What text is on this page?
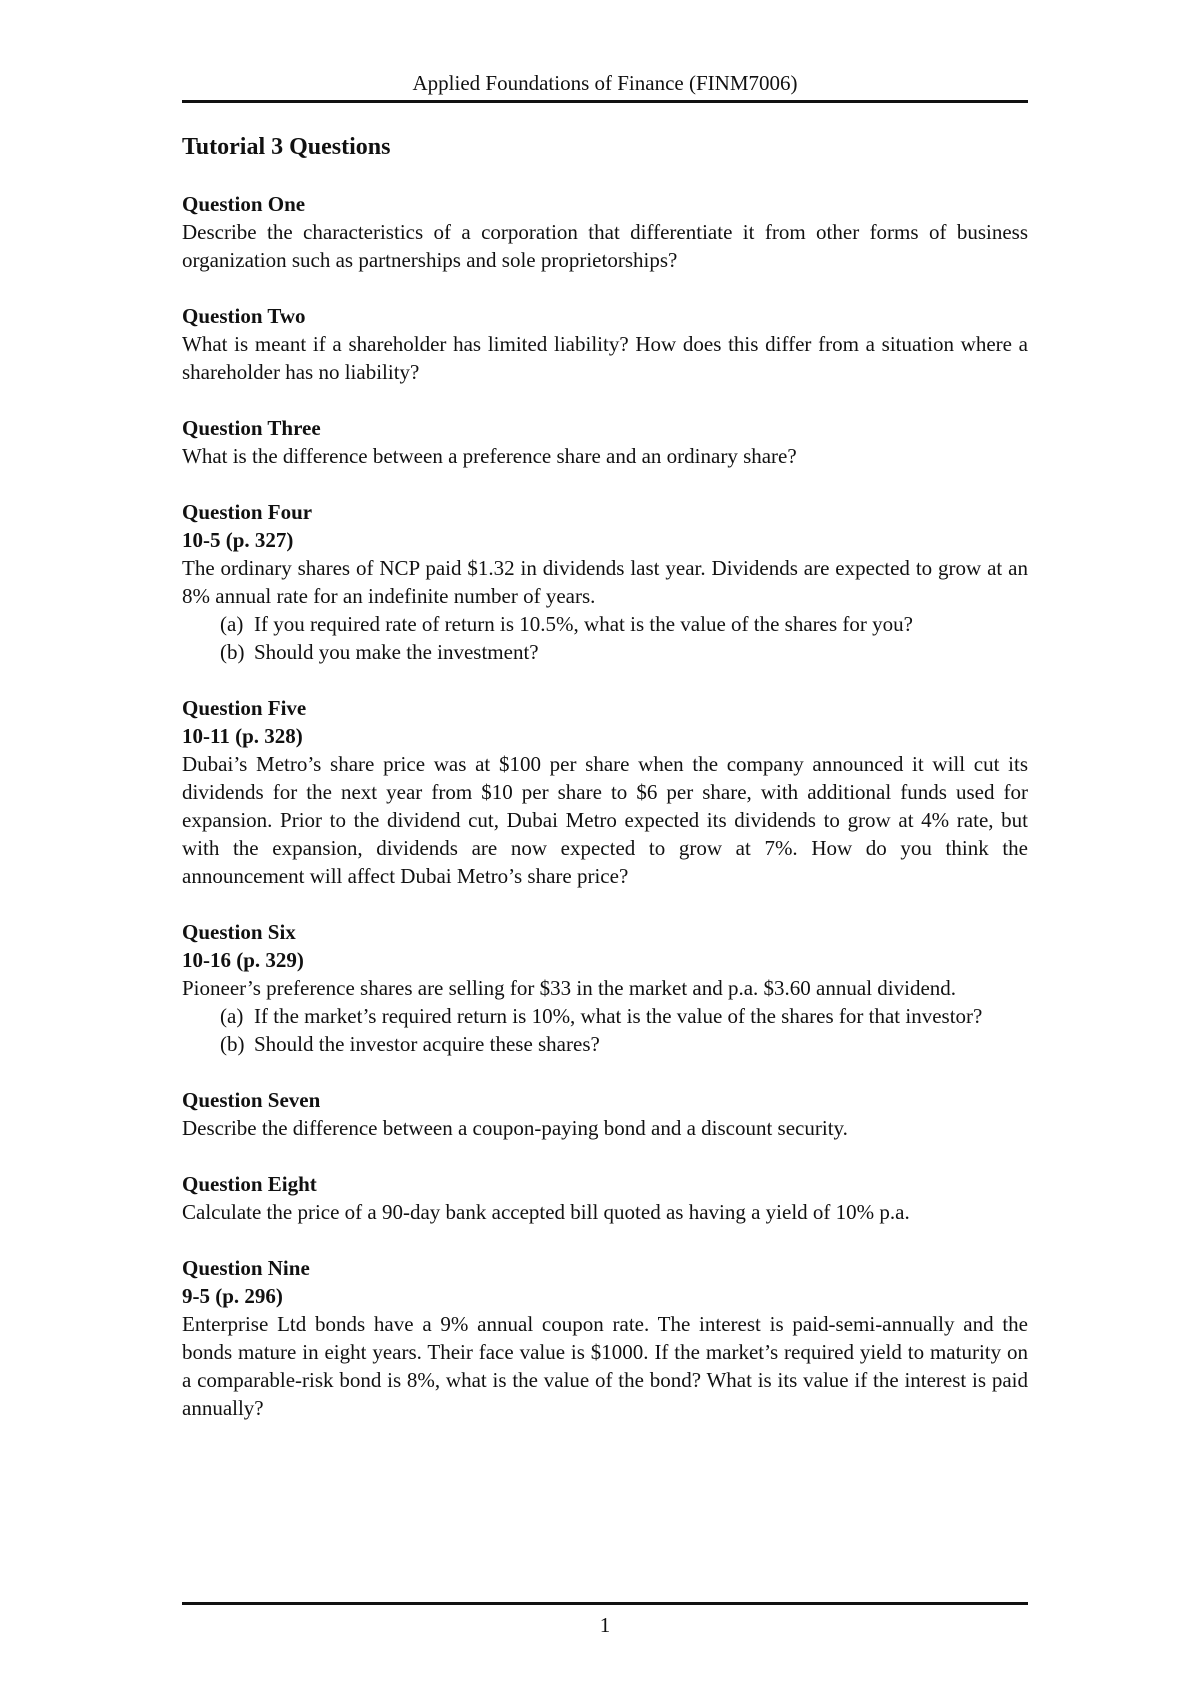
Applied Foundations of Finance (FINM7006)
Tutorial 3 Questions
Question One
Describe the characteristics of a corporation that differentiate it from other forms of business organization such as partnerships and sole proprietorships?
Question Two
What is meant if a shareholder has limited liability? How does this differ from a situation where a shareholder has no liability?
Question Three
What is the difference between a preference share and an ordinary share?
Question Four
10-5 (p. 327)
The ordinary shares of NCP paid $1.32 in dividends last year. Dividends are expected to grow at an 8% annual rate for an indefinite number of years.
(a) If you required rate of return is 10.5%, what is the value of the shares for you?
(b) Should you make the investment?
Question Five
10-11 (p. 328)
Dubai’s Metro’s share price was at $100 per share when the company announced it will cut its dividends for the next year from $10 per share to $6 per share, with additional funds used for expansion. Prior to the dividend cut, Dubai Metro expected its dividends to grow at 4% rate, but with the expansion, dividends are now expected to grow at 7%. How do you think the announcement will affect Dubai Metro’s share price?
Question Six
10-16 (p. 329)
Pioneer’s preference shares are selling for $33 in the market and p.a. $3.60 annual dividend.
(a) If the market’s required return is 10%, what is the value of the shares for that investor?
(b) Should the investor acquire these shares?
Question Seven
Describe the difference between a coupon-paying bond and a discount security.
Question Eight
Calculate the price of a 90-day bank accepted bill quoted as having a yield of 10% p.a.
Question Nine
9-5 (p. 296)
Enterprise Ltd bonds have a 9% annual coupon rate. The interest is paid-semi-annually and the bonds mature in eight years. Their face value is $1000. If the market’s required yield to maturity on a comparable-risk bond is 8%, what is the value of the bond? What is its value if the interest is paid annually?
1
